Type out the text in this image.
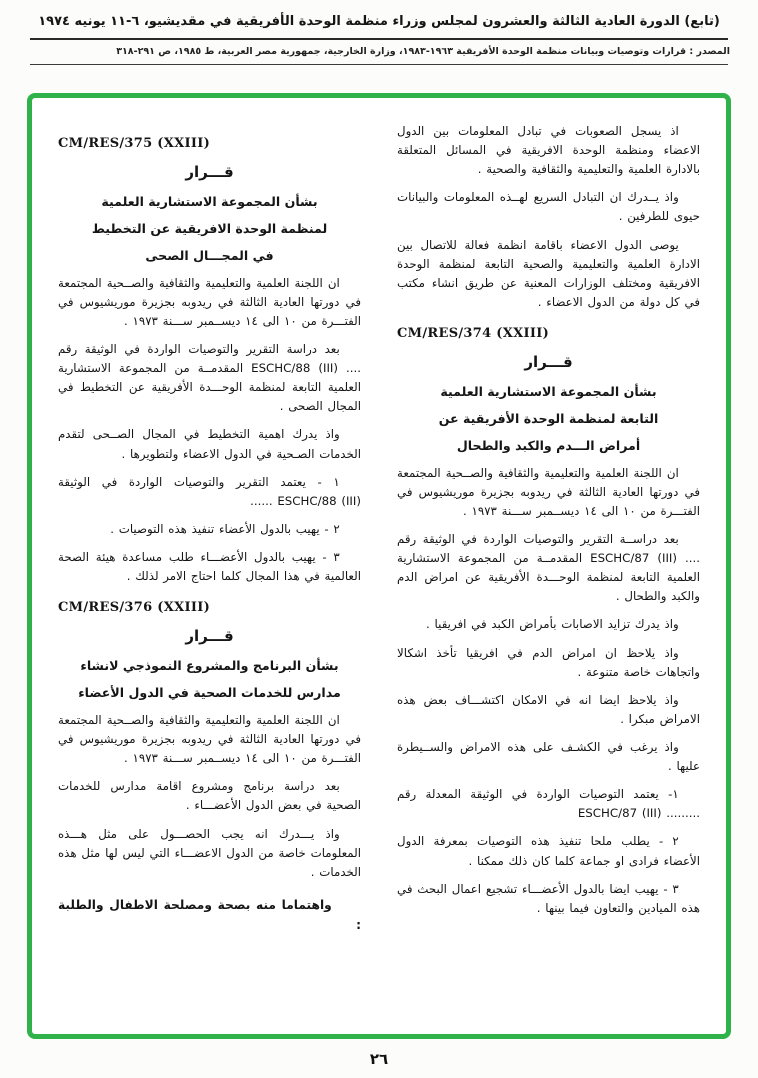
(تابع) الدورة العادية الثالثة والعشرون لمجلس وزراء منظمة الوحدة الأفريقية في مقديشيو، ٦-١١ يونيه ١٩٧٤
المصدر : قرارات وتوصيات وبيانات منظمة الوحدة الأفريقية ١٩٦٣-١٩٨٣، وزارة الخارجية، جمهورية مصر العربية، ط ١٩٨٥، ص ٢٩١-٣١٨
اذ يسجل الصعوبات في تبادل المعلومات بين الدول الاعضاء ومنظمة الوحدة الافريقية في المسائل المتعلقة بالادارة العلمية والتعليمية والثقافية والصحية .
واذ يــدرك ان التبادل السريع لهــذه المعلومات والبيانات حيوى للطرفين .
يوصى الدول الاعضاء باقامة انظمة فعالة للاتصال بين الادارة العلمية والتعليمية والصحية التابعة لمنظمة الوحدة الافريقية ومختلف الوزارات المعنية عن طريق انشاء مكتب في كل دولة من الدول الاعضاء .
CM/RES/374 (XXIII)
قـــرار
بشأن المجموعة الاستشارية العلمية
التابعة لمنظمة الوحدة الأفريقية عن
أمراض الـــدم والكبد والطحال
ان اللجنة العلمية والتعليمية والثقافية والصــحية المجتمعة في دورتها العادية الثالثة في ريدوبه بجزيرة موريشيوس في الفتـــرة من ١٠ الى ١٤ ديســمبر ســـنة ١٩٧٣ .
بعد دراســة التقرير والتوصيات الواردة في الوثيقة رقم .... ESCHC/87 (III) المقدمــة من المجموعة الاستشارية العلمية التابعة لمنظمة الوحـــدة الأفريقية عن امراض الدم والكبد والطحال .
واذ يدرك تزايد الاصابات بأمراض الكبد في افريقيا .
واذ يلاحظ ان امراض الدم في افريقيا تأخذ اشكالا واتجاهات خاصة متنوعة .
واذ يلاحظ ايضا انه في الامكان اكتشـــاف بعض هذه الامراض مبكرا .
واذ يرغب في الكشـف على هذه الامراض والســيطرة عليها .
١- يعتمد التوصيات الواردة في الوثيقة المعدلة رقم ......... ESCHC/87 (III)
٢ - يطلب ملحا تنفيذ هذه التوصيات بمعرفة الدول الأعضاء فرادى او جماعة كلما كان ذلك ممكنا .
٣ - يهيب ايضا بالدول الأعضـــاء تشجيع اعمال البحث في هذه الميادين والتعاون فيما بينها .
CM/RES/375 (XXIII)
قـــرار
بشأن المجموعة الاستشارية العلمية
لمنظمة الوحدة الافريقية عن التخطيط
في المجـــال الصحى
ان اللجنة العلمية والتعليمية والثقافية والصــحية المجتمعة في دورتها العادية الثالثة في ريدوبه بجزيرة موريشيوس في الفتـــرة من ١٠ الى ١٤ ديســمبر ســـنة ١٩٧٣ .
بعد دراسة التقرير والتوصيات الواردة في الوثيقة رقم .... ESCHC/88 (III) المقدمــة من المجموعة الاستشارية العلمية التابعة لمنظمة الوحـــدة الأفريقية عن التخطيط في المجال الصحى .
واذ يدرك اهمية التخطيط في المجال الصــحى لتقدم الخدمات الصـحية في الدول الاعضاء ولتطويرها .
١ - يعتمد التقرير والتوصيات الواردة في الوثيقة ESCHC/88 (III) ......
٢ - يهيب بالدول الأعضاء تنفيذ هذه التوصيات .
٣ - يهيب بالدول الأعضـــاء طلب مساعدة هيئة الصحة العالمية في هذا المجال كلما احتاج الامر لذلك .
CM/RES/376 (XXIII)
قـــرار
بشأن البرنامج والمشروع النموذجي لانشاء
مدارس للخدمات الصحية في الدول الأعضاء
ان اللجنة العلمية والتعليمية والثقافية والصــحية المجتمعة في دورتها العادية الثالثة في ريدوبه بجزيرة موريشيوس في الفتـــرة من ١٠ الى ١٤ ديســمبر ســـنة ١٩٧٣ .
بعد دراسة برنامج ومشروع اقامة مدارس للخدمات الصحية في بعض الدول الأعضـــاء .
واذ يـــدرك انه يجب الحصـــول على مثل هـــذه المعلومات خاصة من الدول الاعضـــاء التي ليس لها مثل هذه الخدمات .
واهتماما منه بصحة ومصلحة الاطفال والطلبة :
٢٦
